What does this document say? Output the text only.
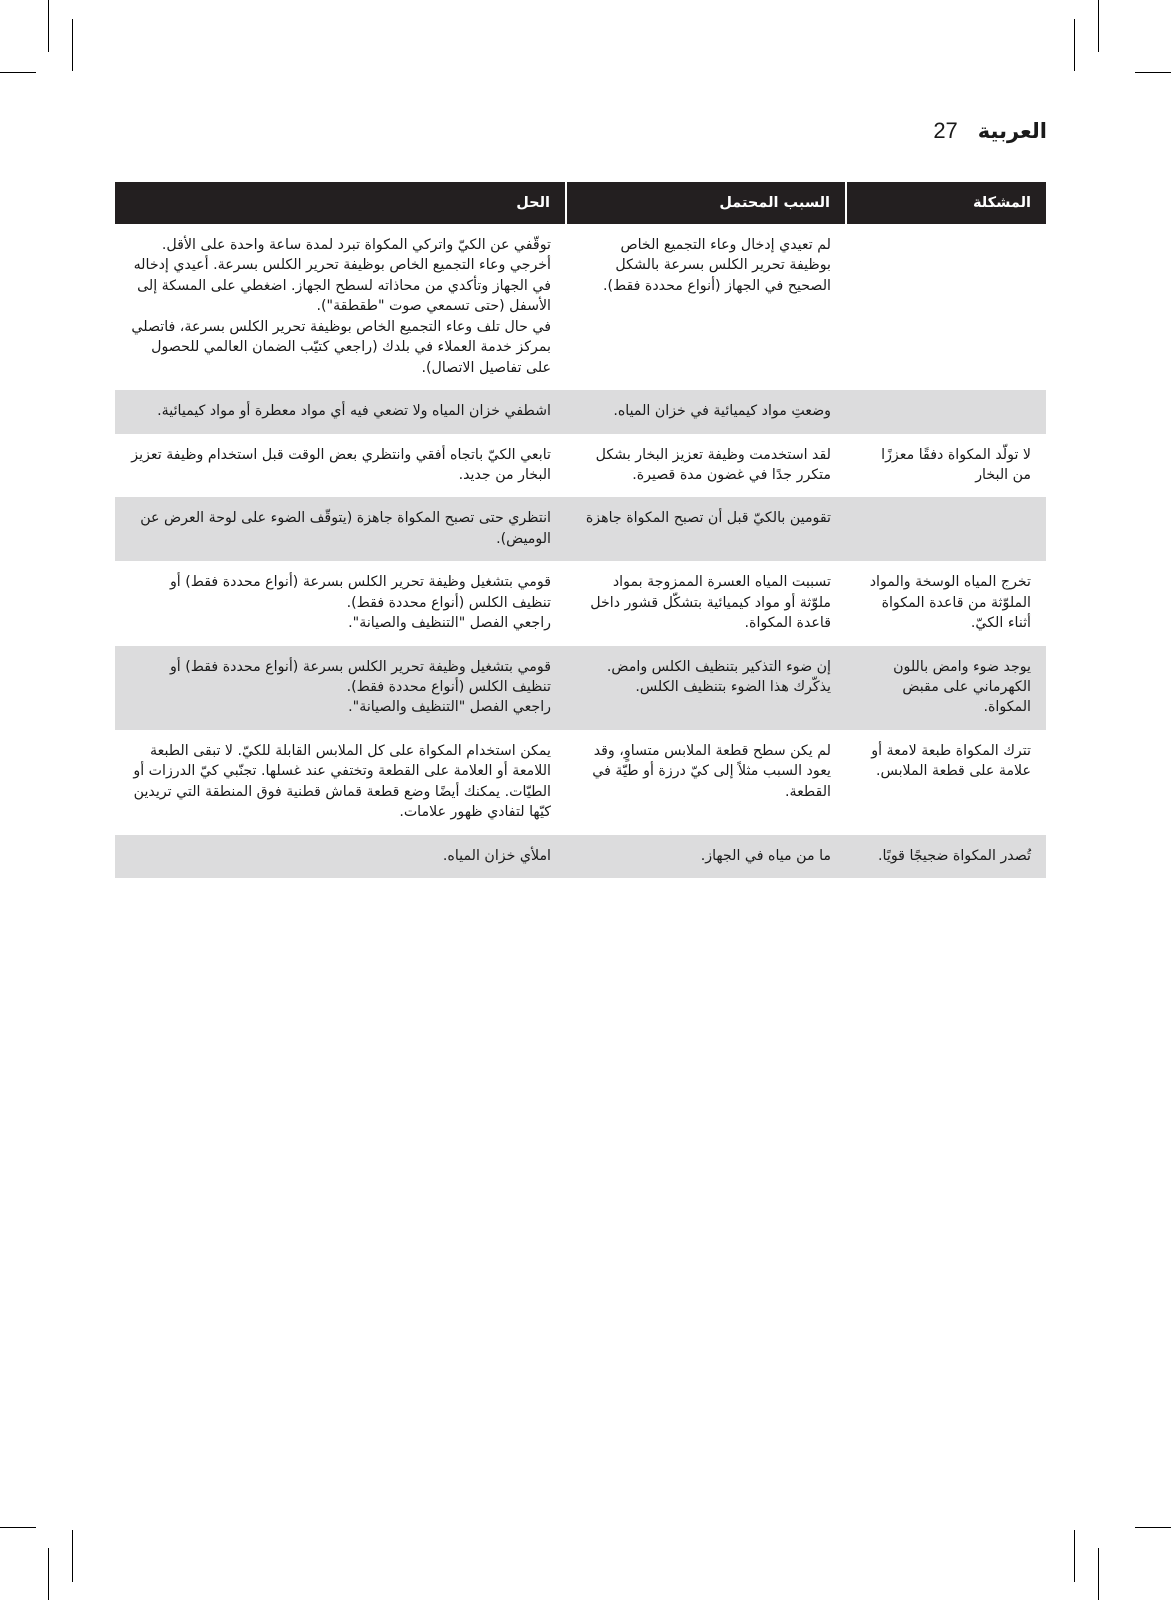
العربية
27
المشكلة	السبب المحتمل	الحل
	لم تعيدي إدخال وعاء التجميع الخاص بوظيفة تحرير الكلس بسرعة بالشكل الصحيح في الجهاز (أنواع محددة فقط).	توقّفي عن الكيّ واتركي المكواة تبرد لمدة ساعة واحدة على الأقل. أخرجي وعاء التجميع الخاص بوظيفة تحرير الكلس بسرعة. أعيدي إدخاله في الجهاز وتأكدي من محاذاته لسطح الجهاز. اضغطي على المسكة إلى الأسفل (حتى تسمعي صوت "طقطقة").
في حال تلف وعاء التجميع الخاص بوظيفة تحرير الكلس بسرعة، فاتصلي بمركز خدمة العملاء في بلدك (راجعي كتيّب الضمان العالمي للحصول على تفاصيل الاتصال).

	وضعتِ مواد كيميائية في خزان المياه.	اشطفي خزان المياه ولا تضعي فيه أي مواد معطرة أو مواد كيميائية.

لا تولّد المكواة دفقًا معززًا من البخار	لقد استخدمت وظيفة تعزيز البخار بشكل متكرر جدًا في غضون مدة قصيرة.	تابعي الكيّ باتجاه أفقي وانتظري بعض الوقت قبل استخدام وظيفة تعزيز البخار من جديد.

	تقومين بالكيّ قبل أن تصبح المكواة جاهزة	انتظري حتى تصبح المكواة جاهزة (يتوقّف الضوء على لوحة العرض عن الوميض).

تخرج المياه الوسخة والمواد الملوّثة من قاعدة المكواة أثناء الكيّ.	تسببت المياه العسرة الممزوجة بمواد ملوّثة أو مواد كيميائية بتشكّل قشور داخل قاعدة المكواة.	قومي بتشغيل وظيفة تحرير الكلس بسرعة (أنواع محددة فقط) أو تنظيف الكلس (أنواع محددة فقط).
راجعي الفصل "التنظيف والصيانة".

يوجد ضوء وامض باللون الكهرماني على مقبض المكواة.	إن ضوء التذكير بتنظيف الكلس وامض. يذكّرك هذا الضوء بتنظيف الكلس.	قومي بتشغيل وظيفة تحرير الكلس بسرعة (أنواع محددة فقط) أو تنظيف الكلس (أنواع محددة فقط).
راجعي الفصل "التنظيف والصيانة".

تترك المكواة طبعة لامعة أو علامة على قطعة الملابس.	لم يكن سطح قطعة الملابس متساوٍ، وقد يعود السبب مثلاً إلى كيّ درزة أو طيّة في القطعة.	يمكن استخدام المكواة على كل الملابس القابلة للكيّ. لا تبقى الطبعة اللامعة أو العلامة على القطعة وتختفي عند غسلها. تجنّبي كيّ الدرزات أو الطيّات. يمكنك أيضًا وضع قطعة قماش قطنية فوق المنطقة التي تريدين كيّها لتفادي ظهور علامات.

تُصدر المكواة ضجيجًا قويًا.	ما من مياه في الجهاز.	املأي خزان المياه.
